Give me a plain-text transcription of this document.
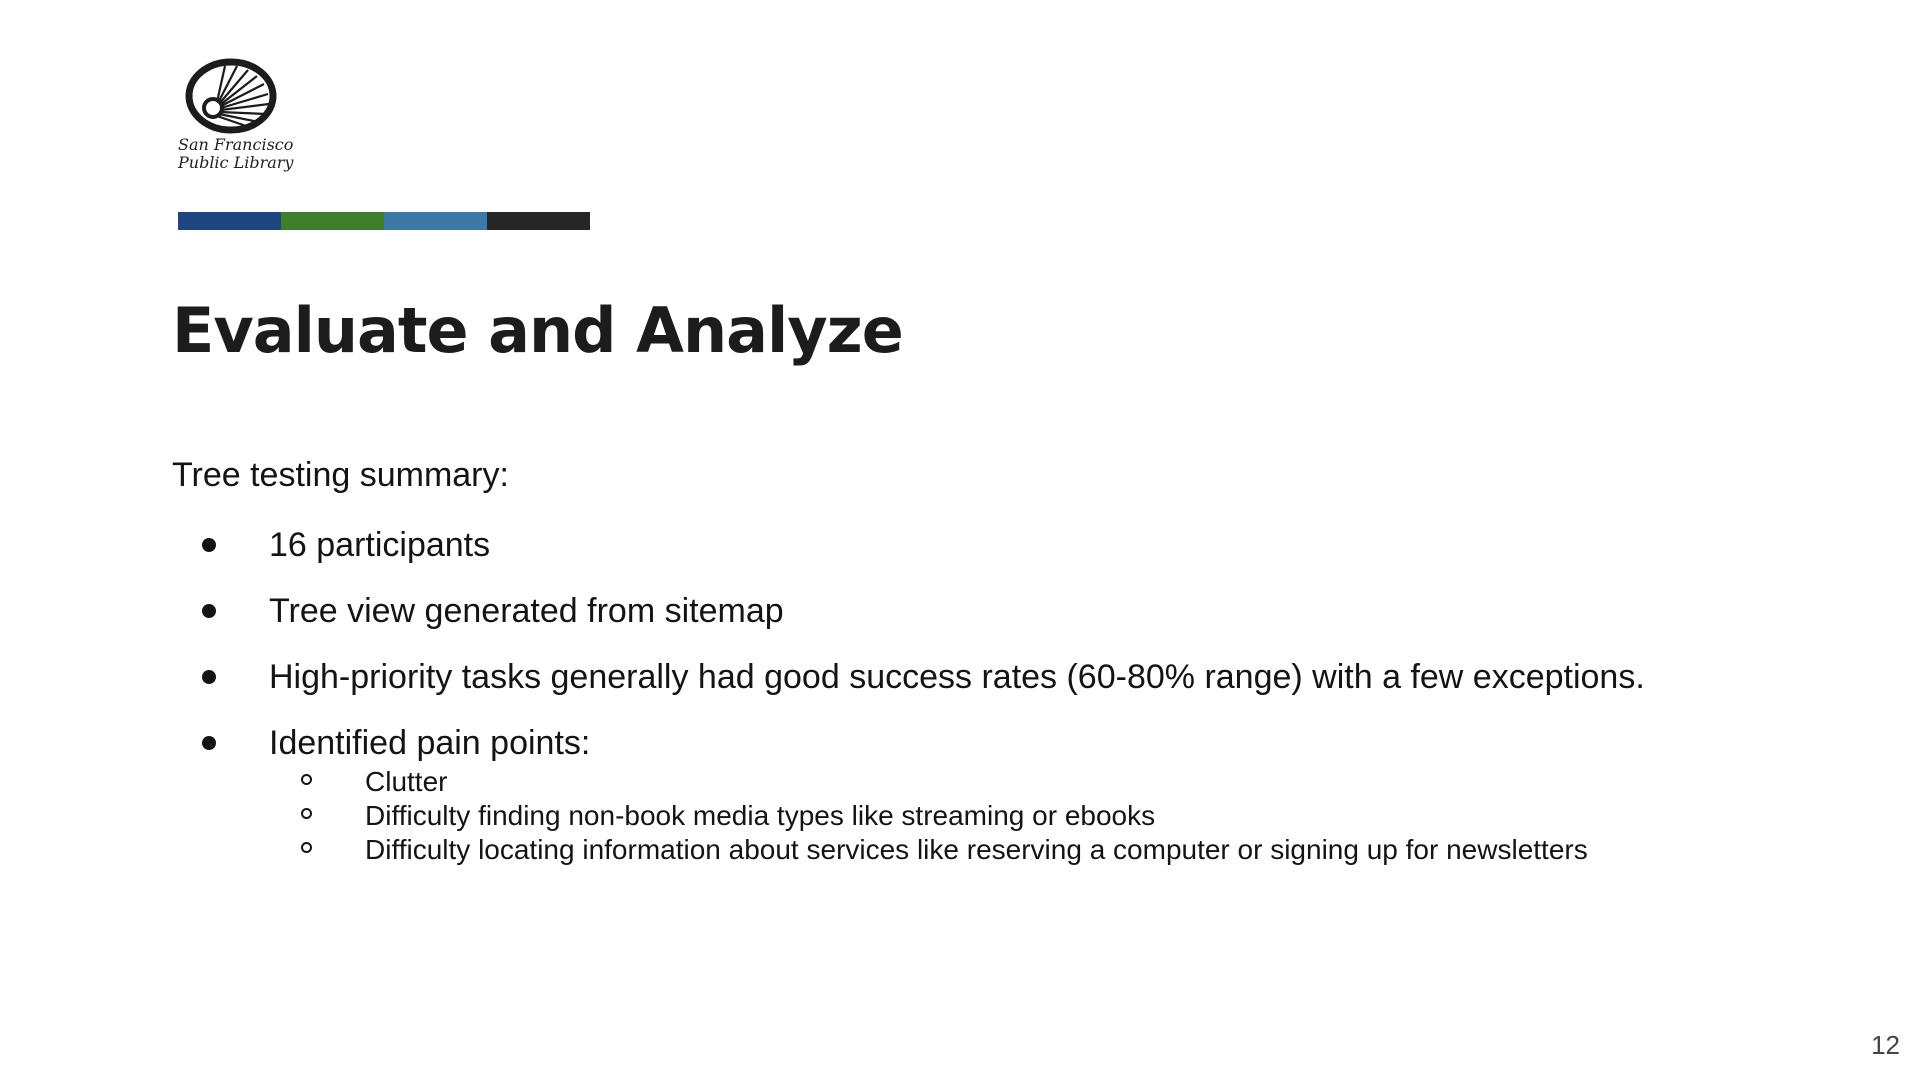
San Francisco
Public Library
Evaluate and Analyze
Tree testing summary:
16 participants
Tree view generated from sitemap
High-priority tasks generally had good success rates (60-80% range) with a few exceptions.
Identified pain points:
Clutter
Difficulty finding non-book media types like streaming or ebooks
Difficulty locating information about services like reserving a computer or signing up for newsletters
12
